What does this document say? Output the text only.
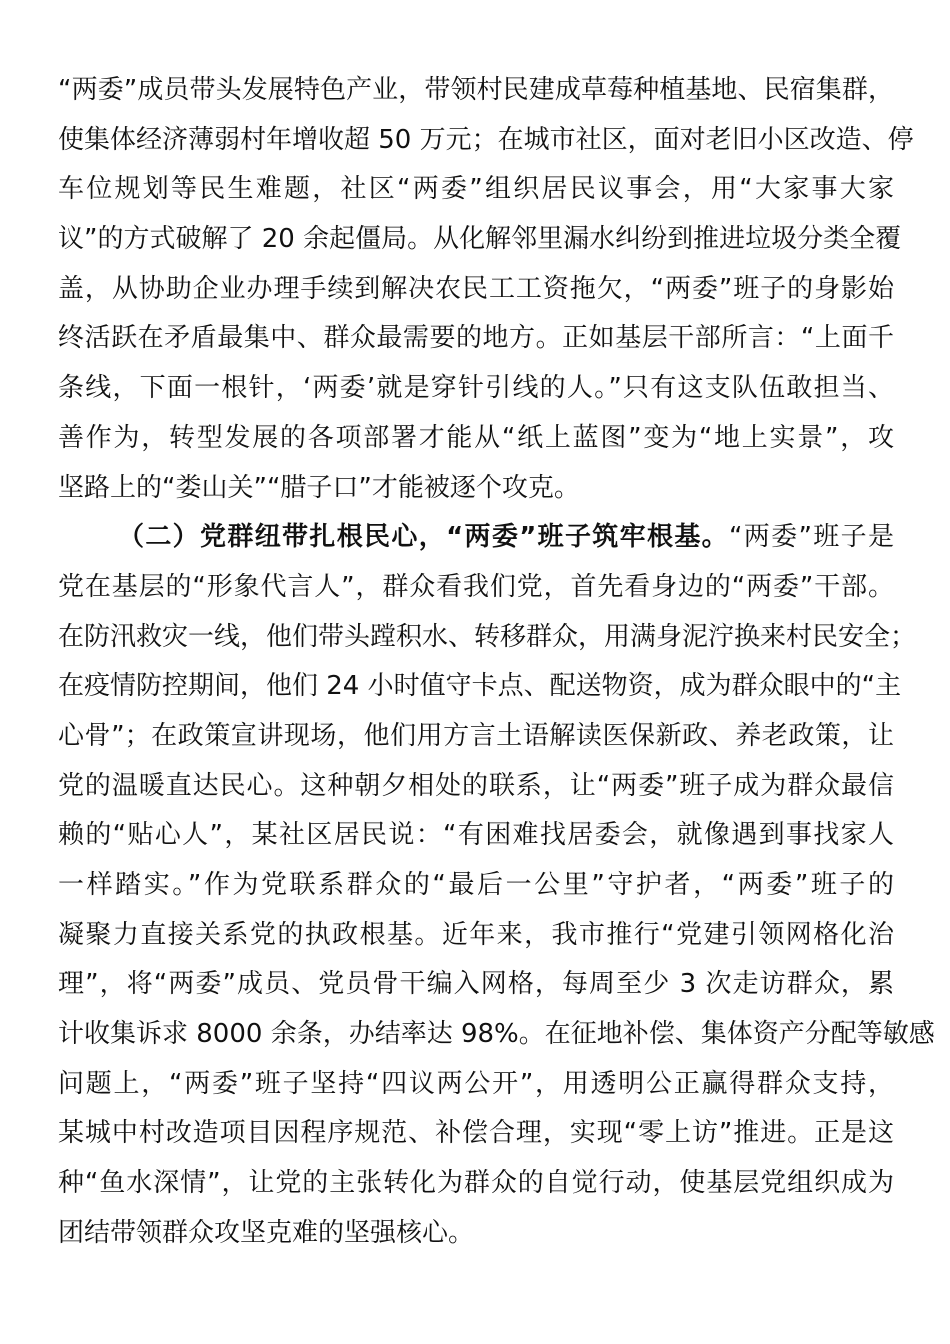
“两委”成员带头发展特色产业，带领村民建成草莓种植基地、民宿集群，
使集体经济薄弱村年增收超 50 万元；在城市社区，面对老旧小区改造、停
车位规划等民生难题，社区“两委”组织居民议事会，用“大家事大家
议”的方式破解了 20 余起僵局。从化解邻里漏水纠纷到推进垃圾分类全覆
盖，从协助企业办理手续到解决农民工工资拖欠，“两委”班子的身影始
终活跃在矛盾最集中、群众最需要的地方。正如基层干部所言：“上面千
条线，下面一根针，‘两委’就是穿针引线的人。”只有这支队伍敢担当、
善作为，转型发展的各项部署才能从“纸上蓝图”变为“地上实景”，攻
坚路上的“娄山关”“腊子口”才能被逐个攻克。
（二）党群纽带扎根民心，“两委”班子筑牢根基。“两委”班子是
党在基层的“形象代言人”，群众看我们党，首先看身边的“两委”干部。
在防汛救灾一线，他们带头蹚积水、转移群众，用满身泥泞换来村民安全；
在疫情防控期间，他们 24 小时值守卡点、配送物资，成为群众眼中的“主
心骨”；在政策宣讲现场，他们用方言土语解读医保新政、养老政策，让
党的温暖直达民心。这种朝夕相处的联系，让“两委”班子成为群众最信
赖的“贴心人”，某社区居民说：“有困难找居委会，就像遇到事找家人
一样踏实。”作为党联系群众的“最后一公里”守护者，“两委”班子的
凝聚力直接关系党的执政根基。近年来，我市推行“党建引领网格化治
理”，将“两委”成员、党员骨干编入网格，每周至少 3 次走访群众，累
计收集诉求 8000 余条，办结率达 98%。在征地补偿、集体资产分配等敏感
问题上，“两委”班子坚持“四议两公开”，用透明公正赢得群众支持，
某城中村改造项目因程序规范、补偿合理，实现“零上访”推进。正是这
种“鱼水深情”，让党的主张转化为群众的自觉行动，使基层党组织成为
团结带领群众攻坚克难的坚强核心。
